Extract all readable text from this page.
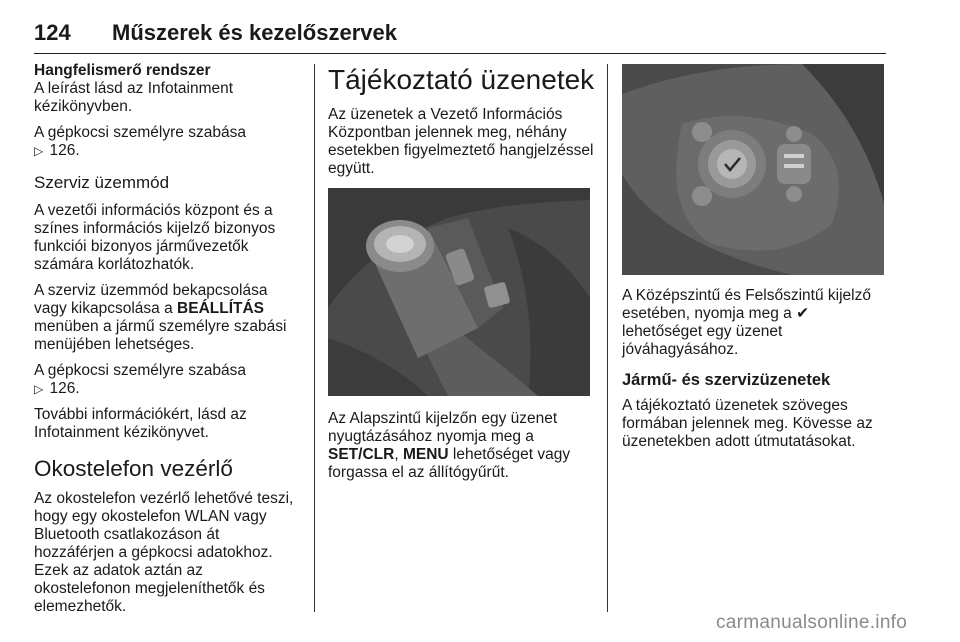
124 Műszerek és kezelőszervek
Hangfelismerő rendszer

A leírást lásd az Infotainment kézikönyvben.

A gépkocsi személyre szabása
▷ 126.

Szerviz üzemmód

A vezetői információs központ és a színes információs kijelző bizonyos funkciói bizonyos járművezetők számára korlátozhatók.

A szerviz üzemmód bekapcsolása vagy kikapcsolása a BEÁLLÍTÁS menüben a jármű személyre szabási menüjében lehetséges.

A gépkocsi személyre szabása
▷ 126.

További információkért, lásd az Infotainment kézikönyvet.

Okostelefon vezérlő

Az okostelefon vezérlő lehetővé teszi, hogy egy okostelefon WLAN vagy Bluetooth csatlakozáson át hozzáférjen a gépkocsi adatokhoz. Ezek az adatok aztán az okostelefonon megjeleníthetők és elemezhetők.

Tájékoztató üzenetek

Az üzenetek a Vezető Információs Központban jelennek meg, néhány esetekben figyelmeztető hangjelzéssel együtt.

Az Alapszintű kijelzőn egy üzenet nyugtázásához nyomja meg a SET/CLR, MENU lehetőséget vagy forgassa el az állítógyűrűt.

A Középszintű és Felsőszintű kijelző esetében, nyomja meg a ✔ lehetőséget egy üzenet jóváhagyásához.

Jármű- és szervizüzenetek

A tájékoztató üzenetek szöveges formában jelennek meg. Kövesse az üzenetekben adott útmutatásokat.

carmanualsonline.info
